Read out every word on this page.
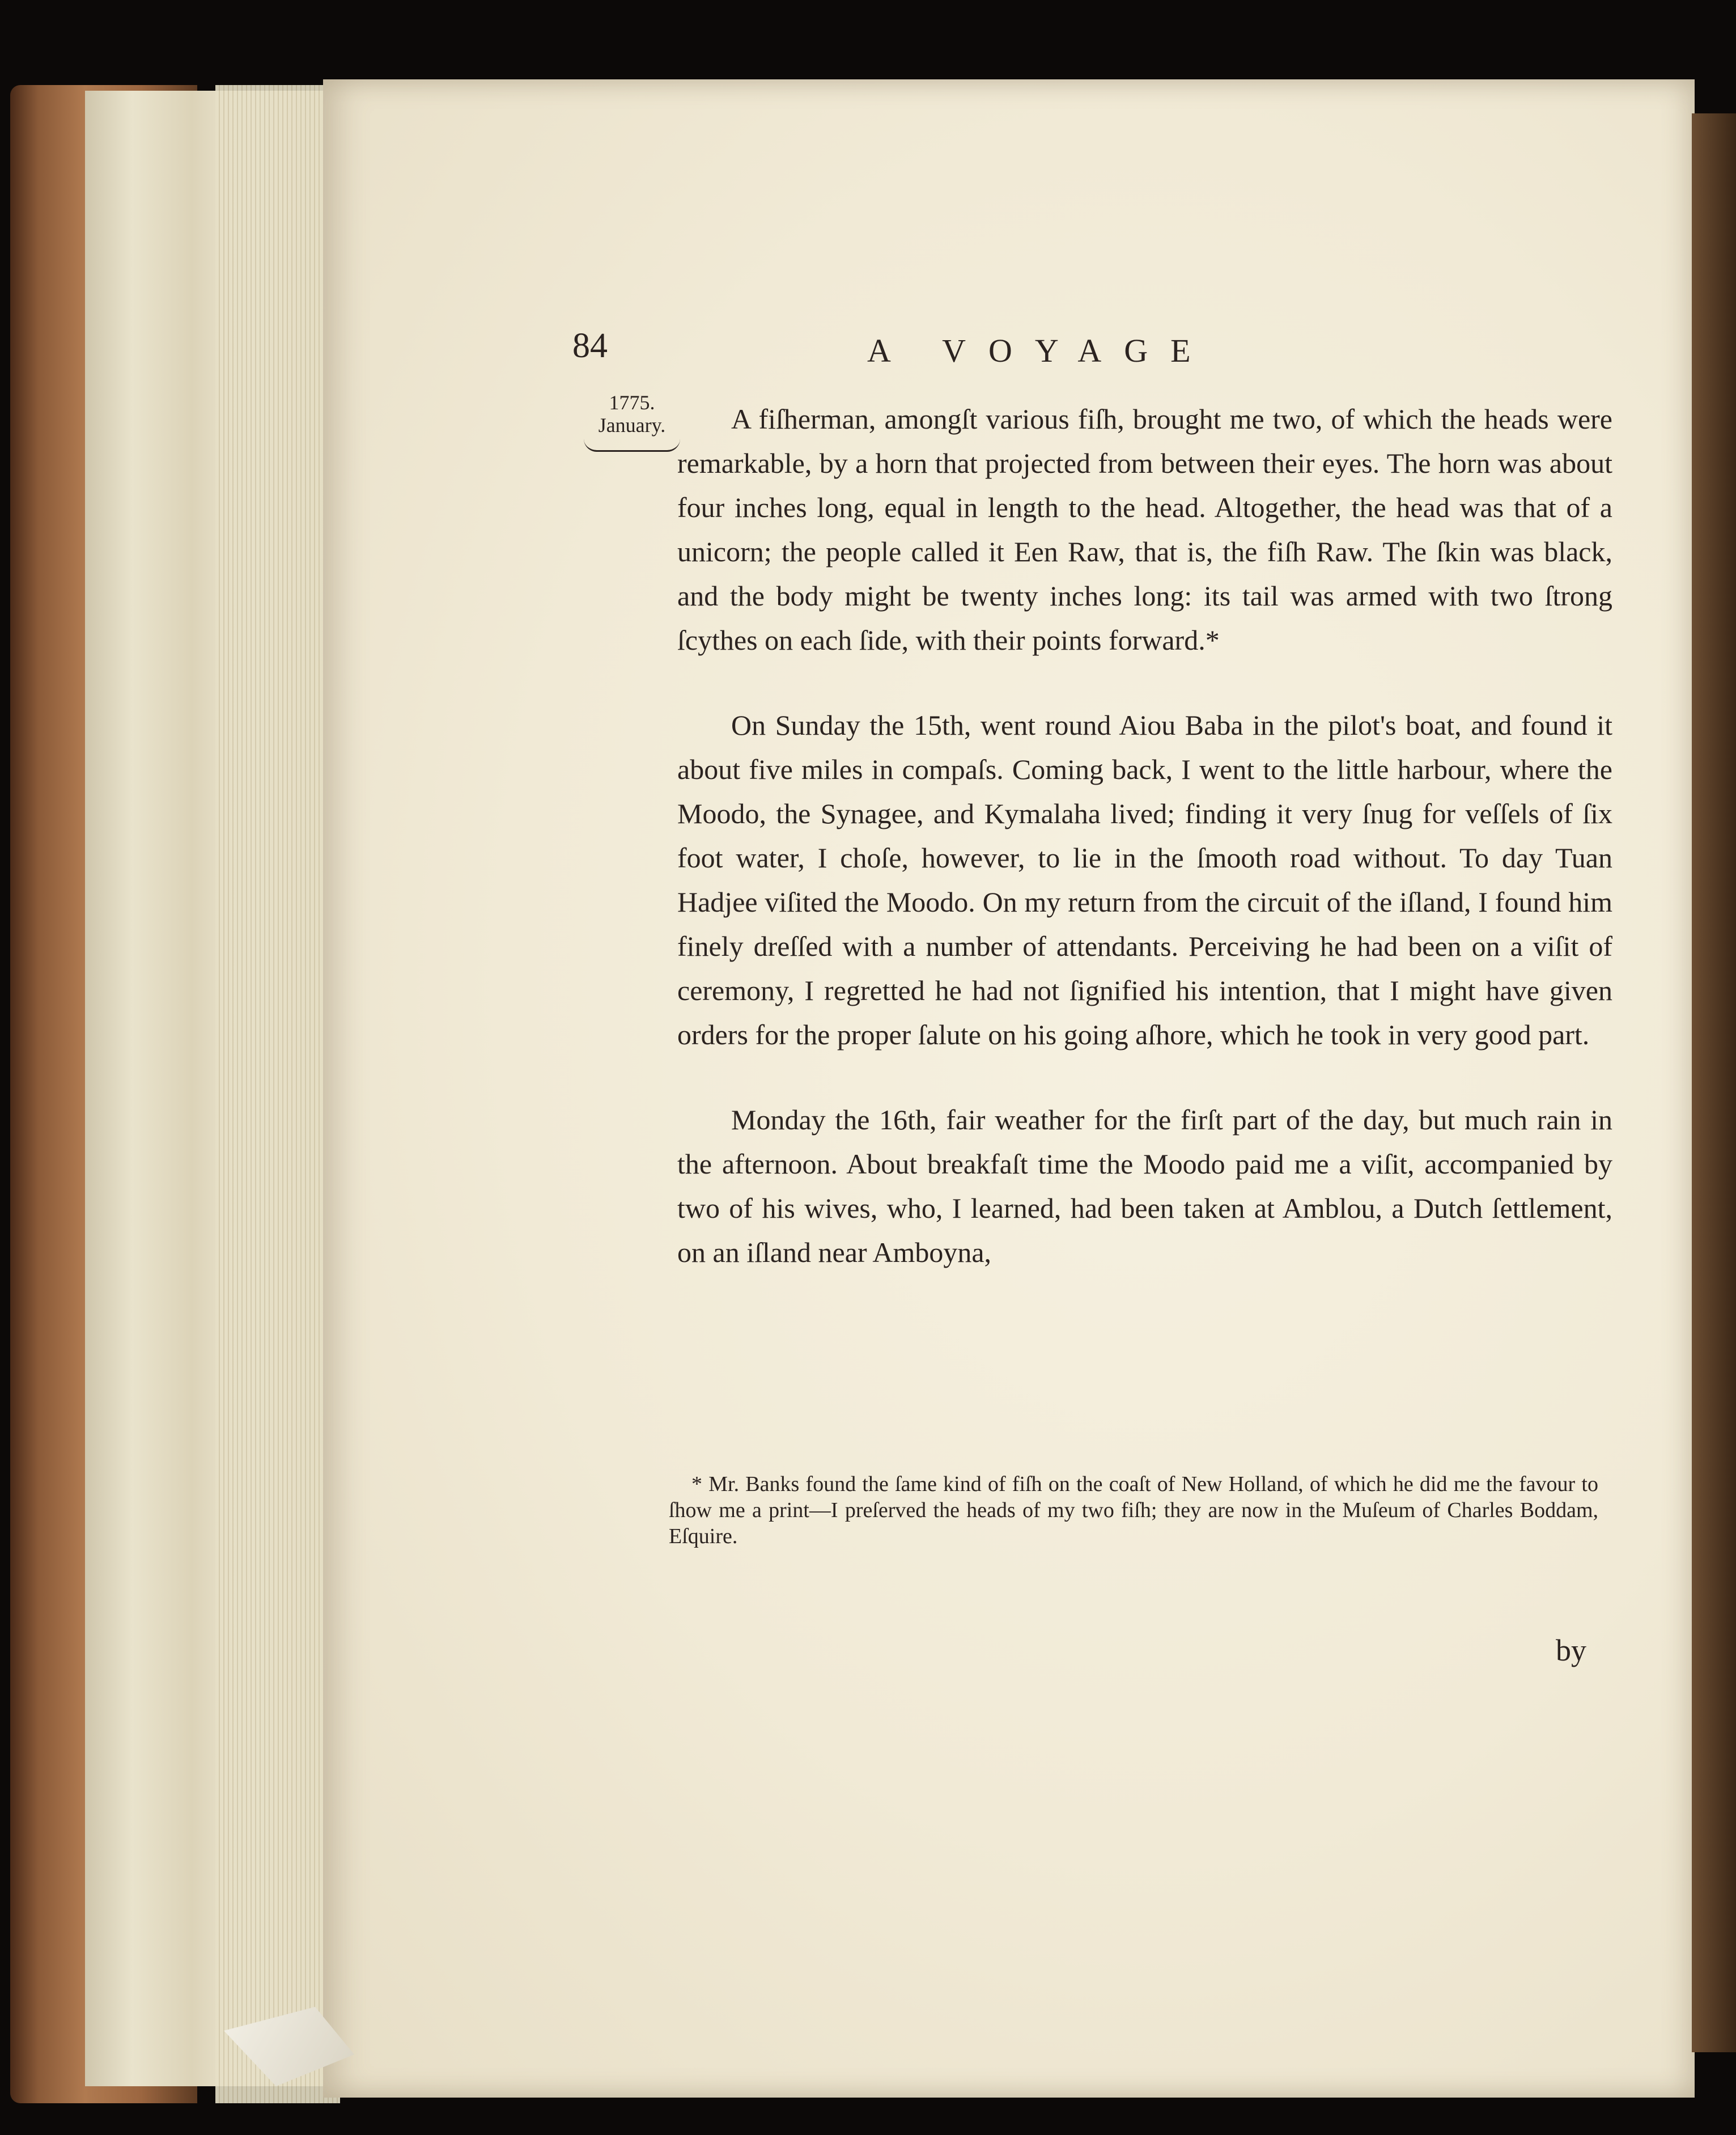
84	A VOYAGE
1775.
January.	A fiſherman, amongſt various fiſh, brought me two, of which the heads were remarkable, by a horn that projected from between their eyes. The horn was about four inches long, equal in length to the head. Altogether, the head was that of a unicorn; the people called it Een Raw, that is, the fiſh Raw. The ſkin was black, and the body might be twenty inches long: its tail was armed with two ſtrong ſcythes on each ſide, with their points forward.*

On Sunday the 15th, went round Aiou Baba in the pilot's boat, and found it about five miles in compaſs. Coming back, I went to the little harbour, where the Moodo, the Synagee, and Kymalaha lived; finding it very ſnug for veſſels of ſix foot water, I choſe, however, to lie in the ſmooth road without. To day Tuan Hadjee viſited the Moodo. On my return from the circuit of the iſland, I found him finely dreſſed with a number of attendants. Perceiving he had been on a viſit of ceremony, I regretted he had not ſignified his intention, that I might have given orders for the proper ſalute on his going aſhore, which he took in very good part.

Monday the 16th, fair weather for the firſt part of the day, but much rain in the afternoon. About breakfaſt time the Moodo paid me a viſit, accompanied by two of his wives, who, I learned, had been taken at Amblou, a Dutch ſettlement, on an iſland near Amboyna,

* Mr. Banks found the ſame kind of fiſh on the coaſt of New Holland, of which he did me the favour to ſhow me a print—I preſerved the heads of my two fiſh; they are now in the Muſeum of Charles Boddam, Eſquire.
by
